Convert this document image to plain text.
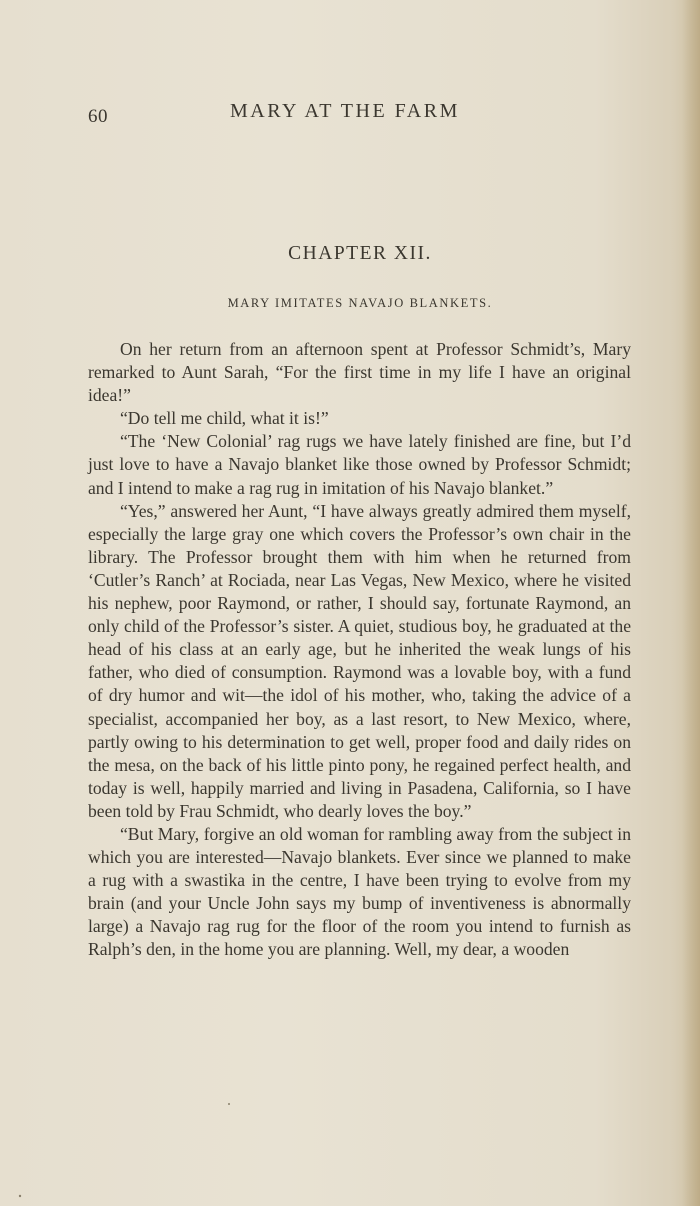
60	MARY AT THE FARM
CHAPTER XII.
MARY IMITATES NAVAJO BLANKETS.

On her return from an afternoon spent at Professor Schmidt’s, Mary remarked to Aunt Sarah, “For the first time in my life I have an original idea!”

“Do tell me child, what it is!”

“The ‘New Colonial’ rag rugs we have lately finished are fine, but I’d just love to have a Navajo blanket like those owned by Professor Schmidt; and I intend to make a rag rug in imitation of his Navajo blanket.”

“Yes,” answered her Aunt, “I have always greatly admired them myself, especially the large gray one which covers the Professor’s own chair in the library. The Professor brought them with him when he returned from ‘Cutler’s Ranch’ at Rociada, near Las Vegas, New Mexico, where he visited his nephew, poor Raymond, or rather, I should say, fortunate Raymond, an only child of the Professor’s sister. A quiet, studious boy, he graduated at the head of his class at an early age, but he inherited the weak lungs of his father, who died of consumption. Raymond was a lovable boy, with a fund of dry humor and wit—the idol of his mother, who, taking the advice of a specialist, accompanied her boy, as a last resort, to New Mexico, where, partly owing to his determination to get well, proper food and daily rides on the mesa, on the back of his little pinto pony, he regained perfect health, and today is well, happily married and living in Pasadena, California, so I have been told by Frau Schmidt, who dearly loves the boy.”

“But Mary, forgive an old woman for rambling away from the subject in which you are interested—Navajo blankets. Ever since we planned to make a rug with a swastika in the centre, I have been trying to evolve from my brain (and your Uncle John says my bump of inventiveness is abnormally large) a Navajo rag rug for the floor of the room you intend to furnish as Ralph’s den, in the home you are planning. Well, my dear, a wooden
